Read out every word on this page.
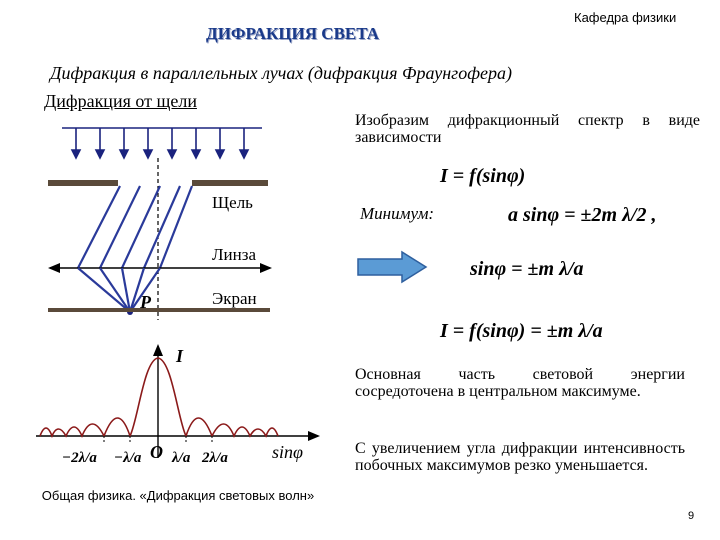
ДИФРАКЦИЯ СВЕТА
Кафедра физики
Дифракция в параллельных лучах (дифракция Фраунгофера)
Дифракция от щели
P
Щель
Линза
Экран
I
O	sinφ
−2λ/a −λ/a λ/a 2λ/a
Изобразим дифракционный спектр в виде зависимости
I = f(sinφ)
Минимум:	a sinφ = ±2m λ/2 ,
sinφ = ±m λ/a
I = f(sinφ) = ±m λ/a
Основная часть световой энергии сосредоточена в центральном максимуме.
С увеличением угла дифракции интенсивность побочных максимумов резко уменьшается.
Общая физика. «Дифракция световых волн»
9
